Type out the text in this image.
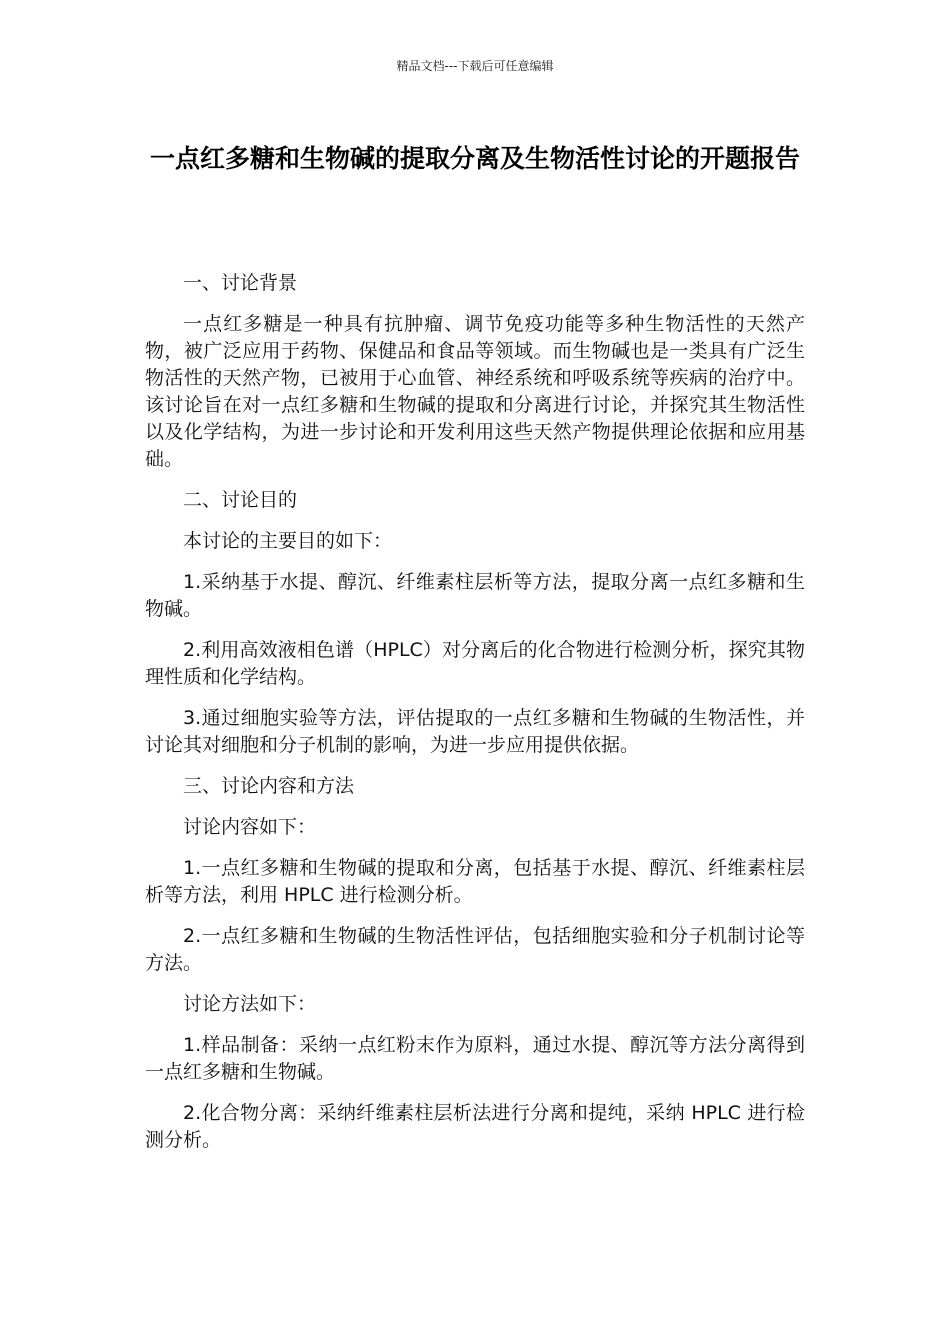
精品文档---下载后可任意编辑
一点红多糖和生物碱的提取分离及生物活性讨论的开题报告

一、讨论背景

一点红多糖是一种具有抗肿瘤、调节免疫功能等多种生物活性的天然产物，被广泛应用于药物、保健品和食品等领域。而生物碱也是一类具有广泛生物活性的天然产物，已被用于心血管、神经系统和呼吸系统等疾病的治疗中。该讨论旨在对一点红多糖和生物碱的提取和分离进行讨论，并探究其生物活性以及化学结构，为进一步讨论和开发利用这些天然产物提供理论依据和应用基础。

二、讨论目的

本讨论的主要目的如下：

1.采纳基于水提、醇沉、纤维素柱层析等方法，提取分离一点红多糖和生物碱。

2.利用高效液相色谱（HPLC）对分离后的化合物进行检测分析，探究其物理性质和化学结构。

3.通过细胞实验等方法，评估提取的一点红多糖和生物碱的生物活性，并讨论其对细胞和分子机制的影响，为进一步应用提供依据。

三、讨论内容和方法

讨论内容如下：

1.一点红多糖和生物碱的提取和分离，包括基于水提、醇沉、纤维素柱层析等方法，利用 HPLC 进行检测分析。

2.一点红多糖和生物碱的生物活性评估，包括细胞实验和分子机制讨论等方法。

讨论方法如下：

1.样品制备：采纳一点红粉末作为原料，通过水提、醇沉等方法分离得到一点红多糖和生物碱。

2.化合物分离：采纳纤维素柱层析法进行分离和提纯，采纳 HPLC 进行检测分析。
